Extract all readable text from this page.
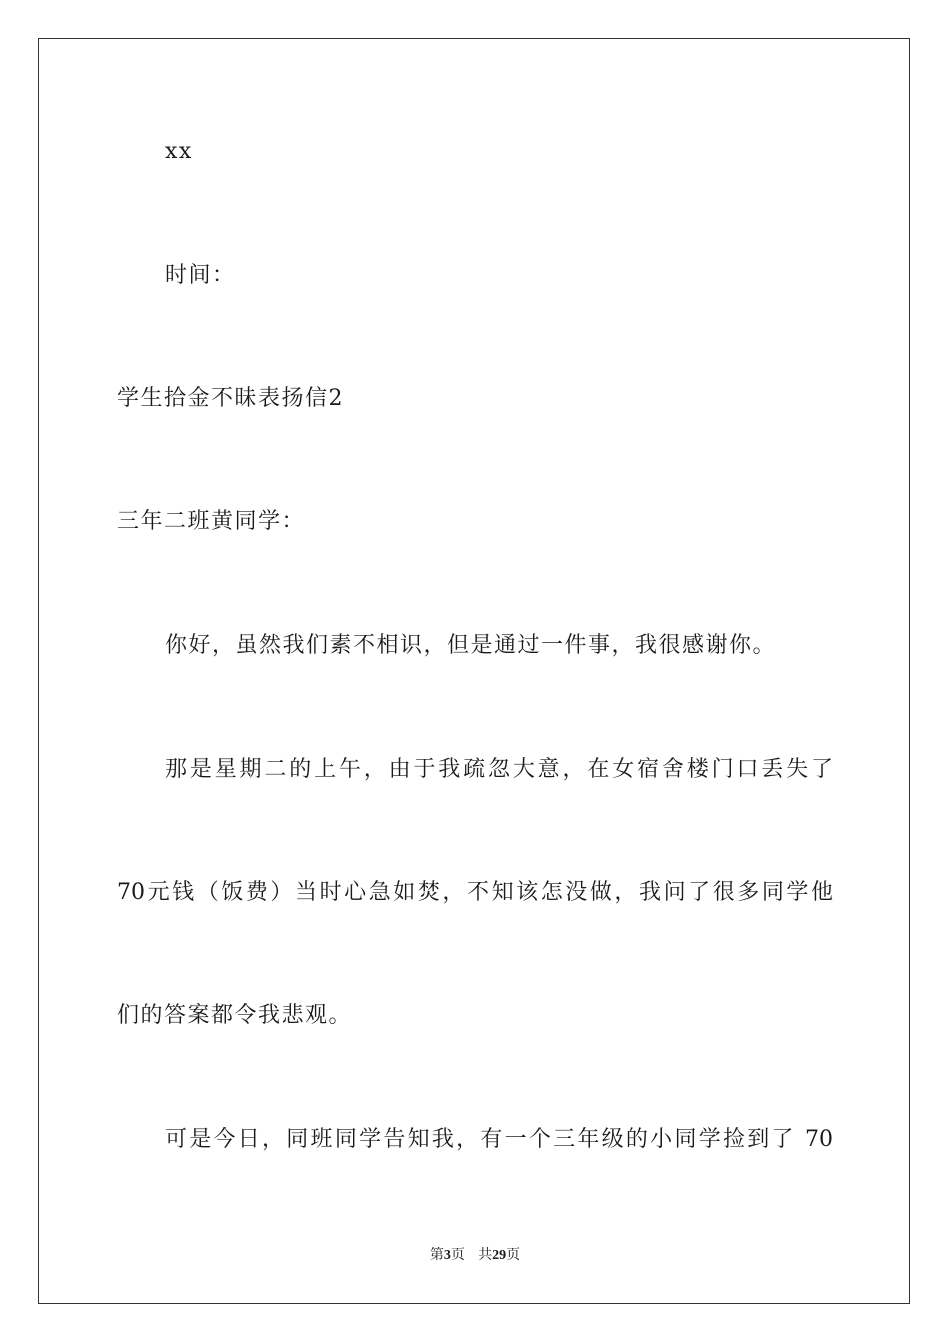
xx
时间：
学生拾金不昧表扬信2
三年二班黄同学：
你好，虽然我们素不相识，但是通过一件事，我很感谢你。
那是星期二的上午，由于我疏忽大意，在女宿舍楼门口丢失了
70元钱（饭费）当时心急如焚，不知该怎没做，我问了很多同学他
们的答案都令我悲观。
可是今日，同班同学告知我，有一个三年级的小同学捡到了 70
第3页 共29页
